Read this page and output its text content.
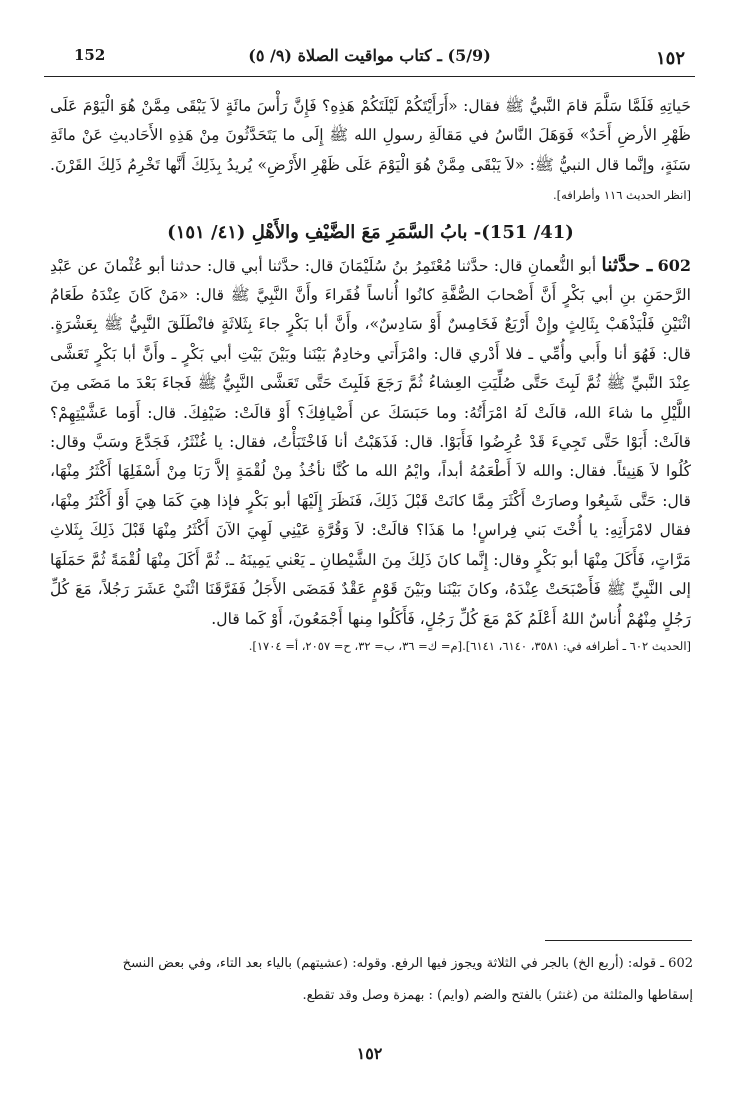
152	(5/9) ـ كتاب مواقيت الصلاة (٩/ ٥)	١٥٢

حَياتِهِ فَلَمَّا سَلَّمَ قامَ النَّبيُّ ﷺ فقال: «أَرَأَيْتَكُمْ لَيْلَتَكُمْ هَذِهِ؟ فَإِنَّ رَأْسَ مائَةٍ لاَ يَبْقَى مِمَّنْ هُوَ الْيَوْمَ عَلَى ظَهْرِ الأرضِ أَحَدٌ» فَوَهَلَ النَّاسُ في مَقالَةِ رسولِ الله ﷺ إِلَى ما يَتَحَدَّثُونَ مِنْ هَذِهِ الأَحَاديثِ عَنْ مائَةِ سَنَةٍ، وإنَّما قال النبيُّ ﷺ: «لاَ يَبْقَى مِمَّنْ هُوَ الْيَوْمَ عَلَى ظَهْرِ الأَرْضِ» يُريدُ بِذَلِكَ أَنَّها تَخْرِمُ ذَلِكَ القَرْنَ. [انظر الحديث ١١٦ وأطرافه].

(41/ 151)- بابُ السَّمَرِ مَعَ الضَّيْفِ والأَهْلِ (٤١/ ١٥١)

602 ـ حدَّثنا أبو النُّعمانِ قال: حدَّثنا مُعْتَمِرُ بنُ سُلَيْمَانَ قال: حدَّثنا أبي قال: حدثنا أبو عُثْمانَ عن عَبْدِ الرَّحمَنِ بنِ أبي بَكْرٍ أَنَّ أَصْحابَ الصُّفَّةِ كانُوا أُناساً فُقَراءَ وأَنَّ النَّبِيَّ ﷺ قال: «مَنْ كَانَ عِنْدَهُ طَعَامُ اثْنَيْنِ فَلْيَذْهَبْ بِثَالِثٍ وإِنْ أَرْبَعٌ فَخَامِسٌ أَوْ سَادِسٌ»، وأَنَّ أبا بَكْرٍ جاءَ بِثَلاثَةٍ فانْطَلَقَ النَّبِيُّ ﷺ بِعَشْرَةٍ. قال: فَهُوَ أنا وأَبي وأُمِّي ـ فلا أَدْري قال: وامْرَأَتي وخادِمٌ بَيْنَنا وبَيْنَ بَيْتِ أبي بَكْرٍ ـ وأَنَّ أبا بَكْرٍ تَعَشَّى عِنْدَ النَّبيِّ ﷺ ثُمَّ لَبِثَ حَتَّى صُلِّيَتِ العِشاءُ ثُمَّ رَجَعَ فَلَبِثَ حَتَّى تَعَشَّى النَّبِيُّ ﷺ فَجاءَ بَعْدَ ما مَضَى مِنَ اللَّيْلِ ما شاءَ الله، قالَتْ لَهُ امْرَأَتُهُ: وما حَبَسَكَ عن أَضْيافِكَ؟ أَوْ قالَتْ: ضَيْفِكَ. قال: أَوَما عَشَّيْتِهِمْ؟ قالَتْ: أَبَوْا حَتَّى تَجِيءَ قَدْ عُرِضُوا فَأَبَوْا. قال: فَذَهَبْتُ أنا فَاخْتَبَأْتُ، فقال: يا غُنْثَرُ، فَجَدَّعَ وسَبَّ وقال: كُلُوا لاَ هَنِيئاً. فقال: والله لاَ أَطْعَمُهُ أبداً، وايْمُ الله ما كُنَّا نأخُذُ مِنْ لُقْمَةٍ إلاَّ رَبَا مِنْ أَسْفَلِهَا أَكْثَرُ مِنْهَا، قال: حَتَّى شَبِعُوا وصارَتْ أَكْثَرَ مِمَّا كانَتْ قَبْلَ ذَلِكَ، فَنَظَرَ إِلَيْهَا أبو بَكْرٍ فإذا هِيَ كَمَا هِيَ أَوْ أَكْثَرُ مِنْهَا، فقال لامْرَأَتِهِ: يا أُخْتَ بَني فِراسٍ! ما هَذَا؟ قالَتْ: لاَ وَقُرَّةِ عَيْنِي لَهِيَ الآنَ أَكْثَرُ مِنْهَا قَبْلَ ذَلِكَ بِثَلاثِ مَرَّاتٍ، فَأَكَلَ مِنْهَا أبو بَكْرٍ وقال: إِنَّما كانَ ذَلِكَ مِنَ الشَّيْطانِ ـ يَعْني يَمِينَهُ ـ. ثُمَّ أَكَلَ مِنْهَا لُقْمَةً ثُمَّ حَمَلَهَا إلى النَّبِيِّ ﷺ فَأَصْبَحَتْ عِنْدَهُ، وكانَ بَيْنَنا وبَيْنَ قَوْمٍ عَقْدٌ فَمَضَى الأَجَلُ فَفَرَّقَنَا اثْنَيْ عَشَرَ رَجُلاً، مَعَ كُلِّ رَجُلٍ مِنْهُمْ أُناسٌ اللهُ أَعْلَمُ كَمْ مَعَ كُلِّ رَجُلٍ، فَأَكَلُوا مِنها أَجْمَعُونَ، أَوْ كَما قال.

[الحديث ٦٠٢ ـ أطرافه في: ٣٥٨١، ٦١٤٠، ٦١٤١].[م= ك= ٣٦، ب= ٣٢، ح= ٢٠٥٧، أ= ١٧٠٤].

602 ـ قوله: (أربع الخ) بالجر في الثلاثة ويجوز فيها الرفع. وقوله: (عشيتهم) بالياء بعد التاء، وفي بعض النسخ

إسقاطها والمثلثة من (غنثر) بالفتح والضم (وايم) : بهمزة وصل وقد تقطع.

١٥٢
